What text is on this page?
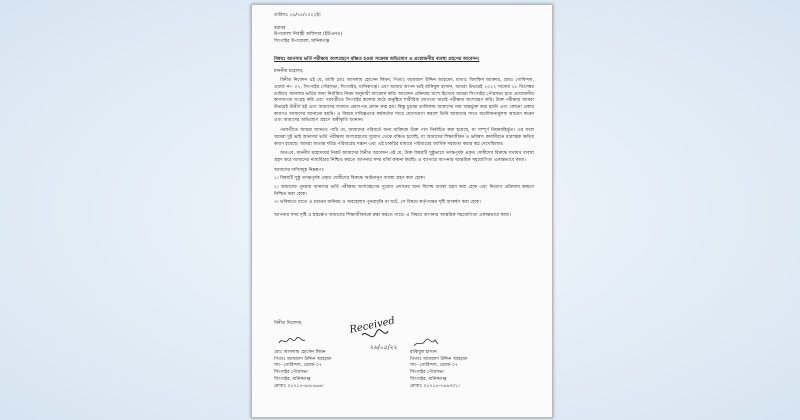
তারিখঃ ২৬/০৫/২০২২ইং

বরাবর

উপজেলা নির্বাহী অফিসার (ইউএনও)

সিংগাইর উপজেলা, মানিকগঞ্জ

বিষয়ঃ আনসার ভর্তি পরীক্ষায় অংশগ্রহণে বঞ্চিত হওয়া সংক্রান্ত অভিযোগ ও প্রয়োজনীয় ব্যবস্থা গ্রহণের আবেদন।

মাননীয় মহোদয়,

বিনীত নিবেদন এই যে, আমি মোঃ আসলাম হোসেন লিমন, পিতাঃ আমজাদ উদ্দিন আহমেদ, মাতাঃ বিলকিস আক্তার, গ্রামঃ গোবিন্দল, ওয়ার্ড নং- ০৭, সিংগাইর পৌরসভা, সিংগাইর, মানিকগঞ্জ। এবং আমার আপন ভাই রাকিবুল হাসান, আমরা উভয়েই ২০২২ সালের ২৮ ডিসেম্বর তারিখে আনসার ভর্তির জন্য নির্ধারিত নিয়ম অনুযায়ী আবেদন করি। আবেদন প্রক্রিয়ার অংশ হিসেবে আমরা সিংগাইর পৌরসভা হতে প্রয়োজনীয় কাগজপত্র সংগ্রহ করি এবং পরবর্তীতে সিংগাইর কলেজ মাঠে অনুষ্ঠিত শারীরিক যোগ্যতা যাচাই পরীক্ষায় অংশগ্রহণ করি। উক্ত পরীক্ষায় আমরা উভয়েই উত্তীর্ণ হই এবং আমাদের যথাযথ প্রমাণপত্র প্রদান করা হয়। কিন্তু চূড়ান্ত তালিকায় আমাদের নাম অন্তর্ভুক্ত করা হয়নি এবং কোনো প্রকার কারণও আমাদের জানানো হয়নি। এ বিষয়ে দায়িত্বপ্রাপ্ত কর্মকর্তার সাথে যোগাযোগ করলে তিনি আমাদের সাথে অসৌজন্যমূলক আচরণ করেন এবং আমাদের অভিযোগ গ্রহণে অস্বীকৃতি জানান।

পরবর্তীতে আমরা জানতে পারি যে, আমাদের পরিবর্তে অন্য ব্যক্তিকে উক্ত পদে নির্বাচিত করা হয়েছে, যা সম্পূর্ণ নিয়মবহির্ভূত। এর ফলে আমরা দুই ভাই আনসার ভর্তি পরীক্ষায় অংশগ্রহণের সুযোগ থেকে বঞ্চিত হয়েছি, যা আমাদের শিক্ষাজীবন ও ভবিষ্যৎ কর্মজীবনে মারাত্মক ক্ষতির কারণ হয়েছে। আমরা অত্যন্ত দরিদ্র পরিবারের সন্তান এবং এই চাকরির মাধ্যমে পরিবারের আর্থিক সহায়তা করার স্বপ্ন দেখেছিলাম।

অতএব, মাননীয় মহোদয়ের নিকট আমাদের বিনীত আবেদন এই যে, উক্ত বিষয়টি সুষ্ঠুভাবে তদন্তপূর্বক প্রকৃত দোষীদের বিরুদ্ধে যথাযথ ব্যবস্থা গ্রহণ করে আমাদের ন্যায়বিচার নিশ্চিত করতে আপনার সদয় মর্জি কামনা করছি। এ ব্যাপারে আপনার আন্তরিক সহযোগিতা একান্তভাবে কাম্য।

আমাদের দাবিসমূহ নিম্নরূপঃ

১। বিষয়টি সুষ্ঠু তদন্তপূর্বক প্রকৃত দোষীদের বিরুদ্ধে আইনানুগ ব্যবস্থা গ্রহণ করা হোক।

২। আমাদের পুনরায় আনসার ভর্তি পরীক্ষায় অংশগ্রহণের সুযোগ প্রদানের জন্য বিশেষ ব্যবস্থা গ্রহণ করা হোক এবং নিয়োগ প্রক্রিয়ায় স্বচ্ছতা নিশ্চিত করা হোক।

৩। ভবিষ্যতে যাতে এ ধরনের অনিয়ম ও অবহেলার পুনরাবৃত্তি না ঘটে, সে বিষয়ে কর্তৃপক্ষের দৃষ্টি আকর্ষণ করা হোক।

আপনার সদয় দৃষ্টি ও হস্তক্ষেপ আমাদের শিক্ষাজীবনকে রক্ষা করতে পারে। এ বিষয়ে আপনার আন্তরিক সহযোগিতা একান্তভাবে কাম্য।

বিনীত নিবেদক,
মোঃ আসলাম হোসেন লিমন
পিতাঃ আমজাদ উদ্দিন আহমেদ
সাং- গোবিন্দল, ওয়ার্ড-০৭
সিংগাইর পৌরসভা
সিংগাইর, মানিকগঞ্জ
মোবাঃ ০১৭১৫-৬৫৮৬৬৬।
Received
২৬/০৫/২২
রাকিবুল হাসান
পিতাঃ আমজাদ উদ্দিন আহমেদ
সাং- গোবিন্দল, ওয়ার্ড-০৭
সিংগাইর পৌরসভা
সিংগাইর, মানিকগঞ্জ
মোবাঃ ০১৭১৮-৭৯৬৩৩১।
